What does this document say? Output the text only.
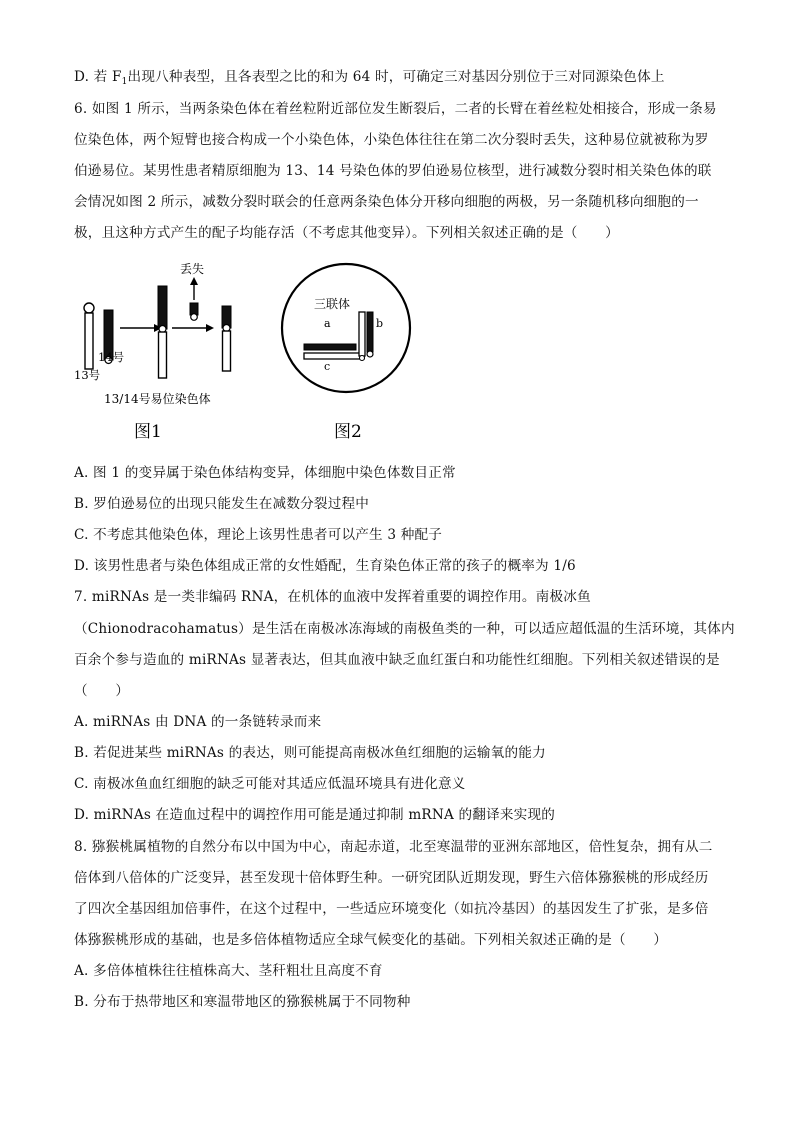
D. 若 $F_1$出现八种表型，且各表型之比的和为 64 时，可确定三对基因分别位于三对同源染色体上
6. 如图 1 所示，当两条染色体在着丝粒附近部位发生断裂后，二者的长臂在着丝粒处相接合，形成一条易
位染色体，两个短臂也接合构成一个小染色体，小染色体往往在第二次分裂时丢失，这种易位就被称为罗
伯逊易位。某男性患者精原细胞为 13、14 号染色体的罗伯逊易位核型，进行减数分裂时相关染色体的联
会情况如图 2 所示，减数分裂时联会的任意两条染色体分开移向细胞的两极，另一条随机移向细胞的一
极，且这种方式产生的配子均能存活（不考虑其他变异）。下列相关叙述正确的是（　　）
丢失
14号
13号
13/14号易位染色体
图1
三联体
a	b
c
图2
A. 图 1 的变异属于染色体结构变异，体细胞中染色体数目正常
B. 罗伯逊易位的出现只能发生在减数分裂过程中
C. 不考虑其他染色体，理论上该男性患者可以产生 3 种配子
D. 该男性患者与染色体组成正常的女性婚配，生育染色体正常的孩子的概率为 1/6
7. miRNAs 是一类非编码 RNA，在机体的血液中发挥着重要的调控作用。南极冰鱼
（Chionodracohamatus）是生活在南极冰冻海域的南极鱼类的一种，可以适应超低温的生活环境，其体内
百余个参与造血的 miRNAs 显著表达，但其血液中缺乏血红蛋白和功能性红细胞。下列相关叙述错误的是
（　　）
A. miRNAs 由 DNA 的一条链转录而来
B. 若促进某些 miRNAs 的表达，则可能提高南极冰鱼红细胞的运输氧的能力
C. 南极冰鱼血红细胞的缺乏可能对其适应低温环境具有进化意义
D. miRNAs 在造血过程中的调控作用可能是通过抑制 mRNA 的翻译来实现的
8. 猕猴桃属植物的自然分布以中国为中心，南起赤道，北至寒温带的亚洲东部地区，倍性复杂，拥有从二
倍体到八倍体的广泛变异，甚至发现十倍体野生种。一研究团队近期发现，野生六倍体猕猴桃的形成经历
了四次全基因组加倍事件，在这个过程中，一些适应环境变化（如抗冷基因）的基因发生了扩张，是多倍
体猕猴桃形成的基础，也是多倍体植物适应全球气候变化的基础。下列相关叙述正确的是（　　）
A. 多倍体植株往往植株高大、茎秆粗壮且高度不育
B. 分布于热带地区和寒温带地区的猕猴桃属于不同物种
